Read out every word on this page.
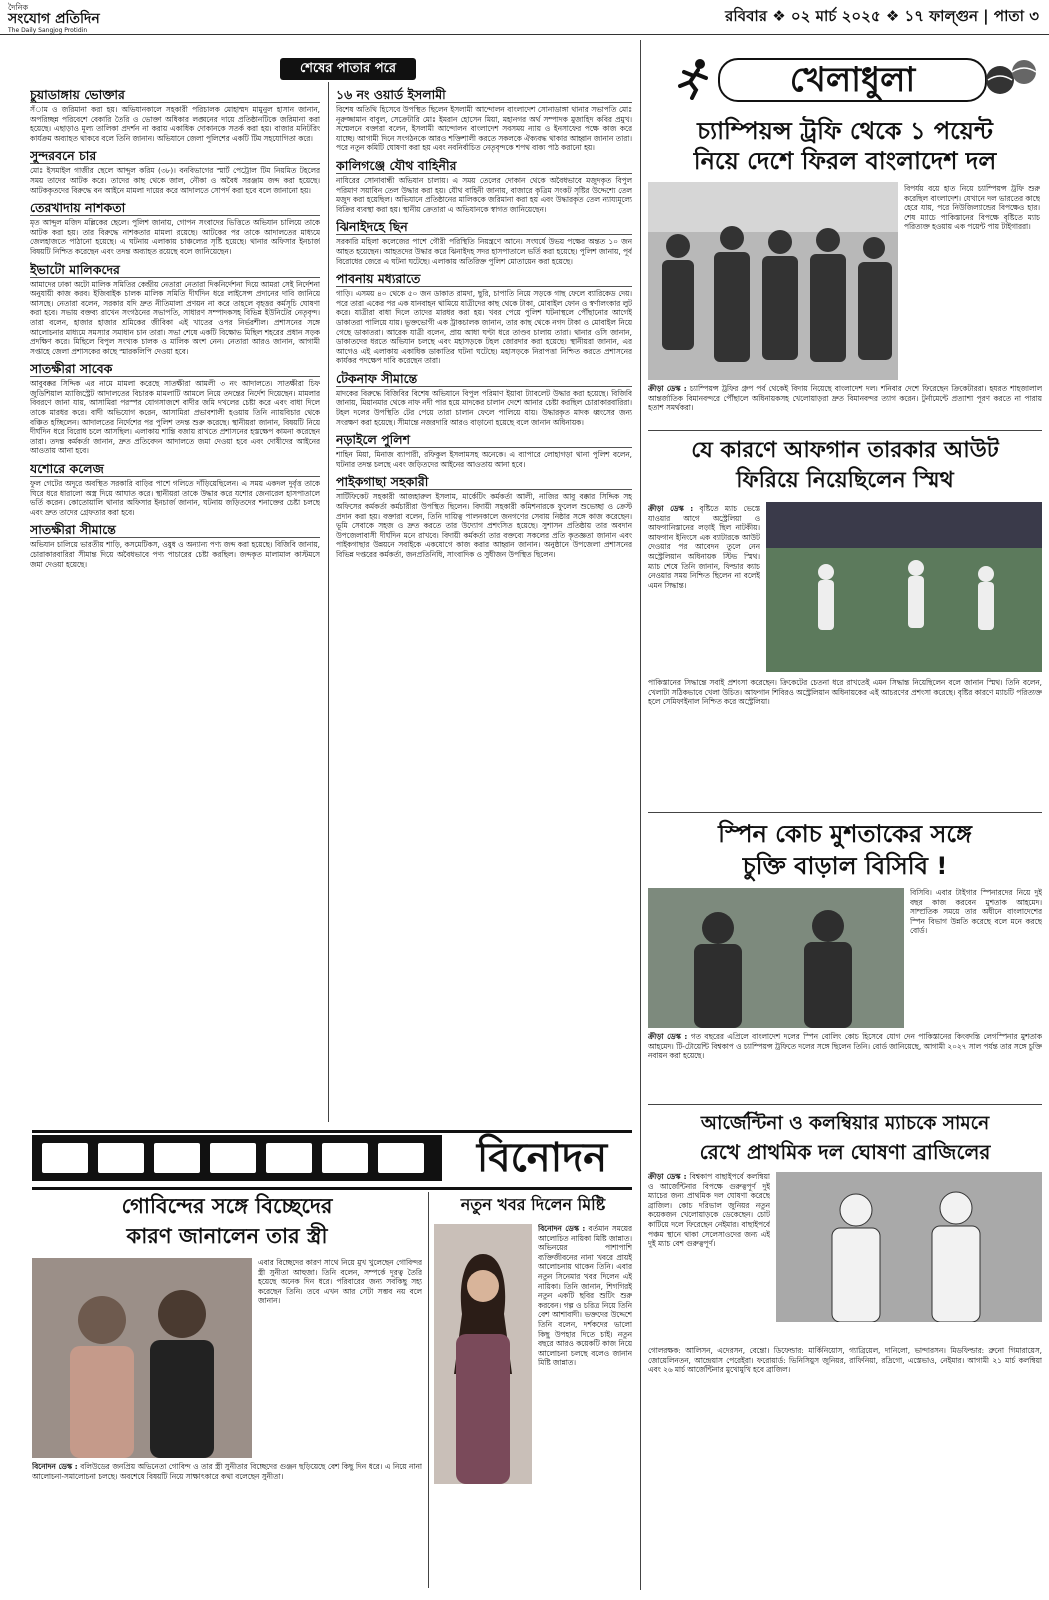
দৈনিক
সংযোগ প্রতিদিন
The Daily Sangjog Protidin
রবিবার ❖ ০২ মার্চ ২০২৫ ❖ ১৭ ফাল্গুন | পাতা ৩
শেষের পাতার পরে
চুয়াডাঙ্গায় ভোক্তার

সঁাম ও জরিমানা করা হয়। অভিযানকালে সহকারী পরিচালক মোহাম্মদ মামুনুল হাসান জানান, অপরিচ্ছন্ন পরিবেশে বেকারি তৈরি ও ভোক্তা অধিকার লঙ্ঘনের দায়ে প্রতিষ্ঠানটিকে জরিমানা করা হয়েছে। এছাড়াও মূল্য তালিকা প্রদর্শন না করায় একাধিক দোকানকে সতর্ক করা হয়। বাজার মনিটরিং কার্যক্রম অব্যাহত থাকবে বলে তিনি জানান। অভিযানে জেলা পুলিশের একটি টিম সহযোগিতা করে।

সুন্দরবনে চার

মোঃ ইসমাইল গাজীর ছেলে আব্দুল করিম (৩৮)। বনবিভাগের স্মার্ট পেট্রোল টিম নিয়মিত টহলের সময় তাদের আটক করে। তাদের কাছ থেকে জাল, নৌকা ও অবৈধ সরঞ্জাম জব্দ করা হয়েছে। আটককৃতদের বিরুদ্ধে বন আইনে মামলা দায়ের করে আদালতে সোপর্দ করা হবে বলে জানানো হয়।

তেরখাদায় নাশকতা

মৃত আব্দুল মজিদ মল্লিকের ছেলে। পুলিশ জানায়, গোপন সংবাদের ভিত্তিতে অভিযান চালিয়ে তাকে আটক করা হয়। তার বিরুদ্ধে নাশকতার মামলা রয়েছে। আটকের পর তাকে আদালতের মাধ্যমে জেলহাজতে পাঠানো হয়েছে। এ ঘটনায় এলাকায় চাঞ্চল্যের সৃষ্টি হয়েছে। থানার অফিসার ইনচার্জ বিষয়টি নিশ্চিত করেছেন এবং তদন্ত অব্যাহত রয়েছে বলে জানিয়েছেন।

ইভাটো মালিকদের

আমাদের ঢাকা অটো মালিক সমিতির কেন্দ্রীয় নেতারা নেতারা দিকনির্দেশনা দিয়ে আমরা সেই নির্দেশনা অনুযায়ী কাজ করব। ইজিবাইক চালক মালিক সমিতি দীর্ঘদিন ধরে লাইসেন্স প্রদানের দাবি জানিয়ে আসছে। নেতারা বলেন, সরকার যদি দ্রুত নীতিমালা প্রণয়ন না করে তাহলে বৃহত্তর কর্মসূচি ঘোষণা করা হবে। সভায় বক্তব্য রাখেন সংগঠনের সভাপতি, সাধারণ সম্পাদকসহ বিভিন্ন ইউনিটের নেতৃবৃন্দ। তারা বলেন, হাজার হাজার শ্রমিকের জীবিকা এই খাতের ওপর নির্ভরশীল। প্রশাসনের সঙ্গে আলোচনার মাধ্যমে সমস্যার সমাধান চান তারা। সভা শেষে একটি বিক্ষোভ মিছিল শহরের প্রধান সড়ক প্রদক্ষিণ করে। মিছিলে বিপুল সংখ্যক চালক ও মালিক অংশ নেন। নেতারা আরও জানান, আগামী সপ্তাহে জেলা প্রশাসকের কাছে স্মারকলিপি দেওয়া হবে।

সাতক্ষীরা সাবেক

আবুবক্কর সিদ্দিক এর নামে মামলা করেছে সাতক্ষীরা আমলী ৩ নং আদালতে। সাতক্ষীরা চিফ জুডিশিয়াল ম্যাজিস্ট্রেট আদালতের বিচারক মামলাটি আমলে নিয়ে তদন্তের নির্দেশ দিয়েছেন। মামলার বিবরণে জানা যায়, আসামিরা পরস্পর যোগসাজশে বাদীর জমি দখলের চেষ্টা করে এবং বাধা দিলে তাকে মারধর করে। বাদী অভিযোগ করেন, আসামিরা প্রভাবশালী হওয়ায় তিনি ন্যায়বিচার থেকে বঞ্চিত হচ্ছিলেন। আদালতের নির্দেশের পর পুলিশ তদন্ত শুরু করেছে। স্থানীয়রা জানান, বিষয়টি নিয়ে দীর্ঘদিন ধরে বিরোধ চলে আসছিল। এলাকায় শান্তি বজায় রাখতে প্রশাসনের হস্তক্ষেপ কামনা করেছেন তারা। তদন্ত কর্মকর্তা জানান, দ্রুত প্রতিবেদন আদালতে জমা দেওয়া হবে এবং দোষীদের আইনের আওতায় আনা হবে।

যশোরে কলেজ

ফুল গেটের অদূরে অবস্থিত সরকারি বাড়ির পাশে গলিতে দাঁড়িয়েছিলেন। এ সময় একদল দুর্বৃত্ত তাকে ঘিরে ধরে ধারালো অস্ত্র দিয়ে আঘাত করে। স্থানীয়রা তাকে উদ্ধার করে যশোর জেনারেল হাসপাতালে ভর্তি করেন। কোতোয়ালি থানার অফিসার ইনচার্জ জানান, ঘটনায় জড়িতদের শনাক্তের চেষ্টা চলছে এবং দ্রুত তাদের গ্রেফতার করা হবে।

সাতক্ষীরা সীমান্তে

অভিযান চালিয়ে ভারতীয় শাড়ি, কসমেটিকস, ওষুধ ও অন্যান্য পণ্য জব্দ করা হয়েছে। বিজিবি জানায়, চোরাকারবারিরা সীমান্ত দিয়ে অবৈধভাবে পণ্য পাচারের চেষ্টা করছিল। জব্দকৃত মালামাল কাস্টমসে জমা দেওয়া হয়েছে।

১৬ নং ওয়ার্ড ইসলামী

বিশেষ অতিথি হিসেবে উপস্থিত ছিলেন ইসলামী আন্দোলন বাংলাদেশ সোনাডাঙ্গা থানার সভাপতি মোঃ নূরুজ্জামান বাবুল, সেক্রেটারি মোঃ ইমরান হোসেন মিয়া, মহানগর অর্থ সম্পাদক মুজাহিদ কবির প্রমুখ। সম্মেলনে বক্তারা বলেন, ইসলামী আন্দোলন বাংলাদেশ সবসময় ন্যায় ও ইনসাফের পক্ষে কাজ করে যাচ্ছে। আগামী দিনে সংগঠনকে আরও শক্তিশালী করতে সকলকে ঐক্যবদ্ধ থাকার আহ্বান জানান তারা। পরে নতুন কমিটি ঘোষণা করা হয় এবং নবনির্বাচিত নেতৃবৃন্দকে শপথ বাক্য পাঠ করানো হয়।

কালিগঞ্জে যৌথ বাহিনীর

নাযিরের সোনাবান্ধী অভিযান চালায়। এ সময় তেলের দোকান থেকে অবৈধভাবে মজুদকৃত বিপুল পরিমাণ সয়াবিন তেল উদ্ধার করা হয়। যৌথ বাহিনী জানায়, বাজারে কৃত্রিম সংকট সৃষ্টির উদ্দেশ্যে তেল মজুদ করা হয়েছিল। অভিযানে প্রতিষ্ঠানের মালিককে জরিমানা করা হয় এবং উদ্ধারকৃত তেল ন্যায্যমূল্যে বিক্রির ব্যবস্থা করা হয়। স্থানীয় ক্রেতারা এ অভিযানকে স্বাগত জানিয়েছেন।

ঝিনাইদহে ছিন

সরকারি মহিলা কলেজের পাশে গৌরী পরিস্থিতি নিয়ন্ত্রণে আনে। সংঘর্ষে উভয় পক্ষের অন্তত ১০ জন আহত হয়েছেন। আহতদের উদ্ধার করে ঝিনাইদহ সদর হাসপাতালে ভর্তি করা হয়েছে। পুলিশ জানায়, পূর্ব বিরোধের জেরে এ ঘটনা ঘটেছে। এলাকায় অতিরিক্ত পুলিশ মোতায়েন করা হয়েছে।

পাবনায় মধ্যরাতে

গাড়ি। এসময় ৪০ থেকে ৫০ জন ডাকাত রামদা, ছুরি, চাপাতি নিয়ে সড়কে গাছ ফেলে ব্যারিকেড দেয়। পরে তারা একের পর এক যানবাহন থামিয়ে যাত্রীদের কাছ থেকে টাকা, মোবাইল ফোন ও স্বর্ণালংকার লুট করে। যাত্রীরা বাধা দিলে তাদের মারধর করা হয়। খবর পেয়ে পুলিশ ঘটনাস্থলে পৌঁছানোর আগেই ডাকাতরা পালিয়ে যায়। ভুক্তভোগী এক ট্রাকচালক জানান, তার কাছ থেকে নগদ টাকা ও মোবাইল নিয়ে গেছে ডাকাতরা। আরেক যাত্রী বলেন, প্রায় আধা ঘণ্টা ধরে তাণ্ডব চালায় তারা। থানার ওসি জানান, ডাকাতদের ধরতে অভিযান চলছে এবং মহাসড়কে টহল জোরদার করা হয়েছে। স্থানীয়রা জানান, এর আগেও এই এলাকায় একাধিক ডাকাতির ঘটনা ঘটেছে। মহাসড়কে নিরাপত্তা নিশ্চিত করতে প্রশাসনের কার্যকর পদক্ষেপ দাবি করেছেন তারা।

টেকনাফ সীমান্তে

মাদকের বিরুদ্ধে বিজিবির বিশেষ অভিযানে বিপুল পরিমাণ ইয়াবা ট্যাবলেট উদ্ধার করা হয়েছে। বিজিবি জানায়, মিয়ানমার থেকে নাফ নদী পার হয়ে মাদকের চালান দেশে আনার চেষ্টা করছিল চোরাকারবারিরা। টহল দলের উপস্থিতি টের পেয়ে তারা চালান ফেলে পালিয়ে যায়। উদ্ধারকৃত মাদক ধ্বংসের জন্য সংরক্ষণ করা হয়েছে। সীমান্তে নজরদারি আরও বাড়ানো হয়েছে বলে জানান অধিনায়ক।

নড়াইলে পুলিশ

শাহিন মিয়া, মিনাজ ব্যাপারী, রফিকুল ইসলামসহ অনেকে। এ ব্যাপারে লোহাগড়া থানা পুলিশ বলেন, ঘটনার তদন্ত চলছে এবং জড়িতদের আইনের আওতায় আনা হবে।

পাইকগাছা সহকারী

সার্টিফিকেট সহকারী আজহারুল ইসলাম, মার্কেটিং কর্মকর্তা আলী, নাজির আবু বক্কার সিদ্দিক সহ অফিসের কর্মকর্তা কর্মচারীরা উপস্থিত ছিলেন। বিদায়ী সহকারী কমিশনারকে ফুলেল শুভেচ্ছা ও ক্রেস্ট প্রদান করা হয়। বক্তারা বলেন, তিনি দায়িত্ব পালনকালে জনগণের সেবায় নিষ্ঠার সঙ্গে কাজ করেছেন। ভূমি সেবাকে সহজ ও দ্রুত করতে তার উদ্যোগ প্রশংসিত হয়েছে। সুশাসন প্রতিষ্ঠায় তার অবদান উপজেলাবাসী দীর্ঘদিন মনে রাখবে। বিদায়ী কর্মকর্তা তার বক্তব্যে সকলের প্রতি কৃতজ্ঞতা জানান এবং পাইকগাছার উন্নয়নে সবাইকে একযোগে কাজ করার আহ্বান জানান। অনুষ্ঠানে উপজেলা প্রশাসনের বিভিন্ন দপ্তরের কর্মকর্তা, জনপ্রতিনিধি, সাংবাদিক ও সুধীজন উপস্থিত ছিলেন।

খেলাধুলা
চ্যাম্পিয়ন্স ট্রফি থেকে ১ পয়েন্ট
নিয়ে দেশে ফিরল বাংলাদেশ দল
বিপর্যয় বয়ে হাত নিয়ে চ্যাম্পিয়ন্স ট্রফি শুরু করেছিল বাংলাদেশ। যেখানে দল ভারতের কাছে হেরে যায়, পরে নিউজিল্যান্ডের বিপক্ষেও হার। শেষ ম্যাচে পাকিস্তানের বিপক্ষে বৃষ্টিতে ম্যাচ পরিত্যক্ত হওয়ায় এক পয়েন্ট পায় টাইগাররা।
ক্রীড়া ডেস্ক : চ্যাম্পিয়ন্স ট্রফির গ্রুপ পর্ব থেকেই বিদায় নিয়েছে বাংলাদেশ দল। শনিবার দেশে ফিরেছেন ক্রিকেটাররা। হযরত শাহজালাল আন্তর্জাতিক বিমানবন্দরে পৌঁছালে অধিনায়কসহ খেলোয়াড়রা দ্রুত বিমানবন্দর ত্যাগ করেন। টুর্নামেন্টে প্রত্যাশা পূরণ করতে না পারায় হতাশ সমর্থকরা।
যে কারণে আফগান তারকার আউট
ফিরিয়ে নিয়েছিলেন স্মিথ
ক্রীড়া ডেস্ক : বৃষ্টিতে ম্যাচ ভেস্তে যাওয়ার আগে অস্ট্রেলিয়া ও আফগানিস্তানের লড়াই ছিল নাটকীয়। আফগান ইনিংসে এক ব্যাটারকে আউট দেওয়ার পর আবেদন তুলে নেন অস্ট্রেলিয়ান অধিনায়ক স্টিভ স্মিথ। ম্যাচ শেষে তিনি জানান, ফিল্ডার ক্যাচ নেওয়ার সময় নিশ্চিত ছিলেন না বলেই এমন সিদ্ধান্ত।
পাকিস্তানের সিদ্ধান্তে সবাই প্রশংসা করেছেন। ক্রিকেটের চেতনা ধরে রাখতেই এমন সিদ্ধান্ত নিয়েছিলেন বলে জানান স্মিথ। তিনি বলেন, খেলাটা সঠিকভাবে খেলা উচিত। আফগান শিবিরও অস্ট্রেলিয়ান অধিনায়কের এই আচরণের প্রশংসা করেছে। বৃষ্টির কারণে ম্যাচটি পরিত্যক্ত হলে সেমিফাইনাল নিশ্চিত করে অস্ট্রেলিয়া।
স্পিন কোচ মুশতাকের সঙ্গে
চুক্তি বাড়াল বিসিবি !
বিসিবি। এবার টাইগার স্পিনারদের নিয়ে দুই বছর কাজ করবেন মুশতাক আহমেদ। সাম্প্রতিক সময়ে তার অধীনে বাংলাদেশের স্পিন বিভাগ উন্নতি করেছে বলে মনে করছে বোর্ড।
ক্রীড়া ডেস্ক : গত বছরের এপ্রিলে বাংলাদেশ দলের স্পিন বোলিং কোচ হিসেবে যোগ দেন পাকিস্তানের কিংবদন্তি লেগস্পিনার মুশতাক আহমেদ। টি-টোয়েন্টি বিশ্বকাপ ও চ্যাম্পিয়ন্স ট্রফিতে দলের সঙ্গে ছিলেন তিনি। বোর্ড জানিয়েছে, আগামী ২০২৭ সাল পর্যন্ত তার সঙ্গে চুক্তি নবায়ন করা হয়েছে।
আর্জেন্টিনা ও কলম্বিয়ার ম্যাচকে সামনে
রেখে প্রাথমিক দল ঘোষণা ব্রাজিলের
ক্রীড়া ডেস্ক : বিশ্বকাপ বাছাইপর্বে কলম্বিয়া ও আর্জেন্টিনার বিপক্ষে গুরুত্বপূর্ণ দুই ম্যাচের জন্য প্রাথমিক দল ঘোষণা করেছে ব্রাজিল। কোচ দরিভাল জুনিয়র নতুন কয়েকজন খেলোয়াড়কে ডেকেছেন। চোট কাটিয়ে দলে ফিরেছেন নেইমার। বাছাইপর্বে পঞ্চম স্থানে থাকা সেলেসাওদের জন্য এই দুই ম্যাচ বেশ গুরুত্বপূর্ণ।
গোলরক্ষক: আলিসন, এদেরসন, বেন্তো। ডিফেন্ডার: মার্কিনিয়োস, গ্যাব্রিয়েল, দানিলো, ভান্দারসন। মিডফিল্ডার: ব্রুনো গিমারায়েস, জোয়েলিনতন, আন্দ্রেয়াস পেরেইরা। ফরোয়ার্ড: ভিনিসিয়ুস জুনিয়র, রাফিনিয়া, রদ্রিগো, এস্তেভাও, নেইমার। আগামী ২১ মার্চ কলম্বিয়া এবং ২৬ মার্চ আর্জেন্টিনার মুখোমুখি হবে ব্রাজিল।
বিনোদন
গোবিন্দের সঙ্গে বিচ্ছেদের
কারণ জানালেন তার স্ত্রী
এবার বিচ্ছেদের কারণ সাথে নিয়ে মুখ খুলেছেন গোবিন্দর স্ত্রী সুনীতা আহুজা। তিনি বলেন, সম্পর্কে দূরত্ব তৈরি হয়েছে অনেক দিন ধরে। পরিবারের জন্য সবকিছু সহ্য করেছেন তিনি। তবে এখন আর সেটা সম্ভব নয় বলে জানান।
বিনোদন ডেস্ক : বলিউডের জনপ্রিয় অভিনেতা গোবিন্দ ও তার স্ত্রী সুনীতার বিচ্ছেদের গুঞ্জন ছড়িয়েছে বেশ কিছু দিন ধরে। এ নিয়ে নানা আলোচনা-সমালোচনা চলছে। অবশেষে বিষয়টি নিয়ে সাক্ষাৎকারে কথা বলেছেন সুনীতা।
নতুন খবর দিলেন মিষ্টি
বিনোদন ডেস্ক : বর্তমান সময়ের আলোচিত নায়িকা মিষ্টি জান্নাত। অভিনয়ের পাশাপাশি ব্যক্তিজীবনের নানা খবরে প্রায়ই আলোচনায় থাকেন তিনি। এবার নতুন সিনেমার খবর দিলেন এই নায়িকা। তিনি জানান, শিগগিরই নতুন একটি ছবির শুটিং শুরু করবেন। গল্প ও চরিত্র নিয়ে তিনি বেশ আশাবাদী। ভক্তদের উদ্দেশে তিনি বলেন, দর্শকদের ভালো কিছু উপহার দিতে চাই। নতুন বছরে আরও কয়েকটি কাজ নিয়ে আলোচনা চলছে বলেও জানান মিষ্টি জান্নাত।
